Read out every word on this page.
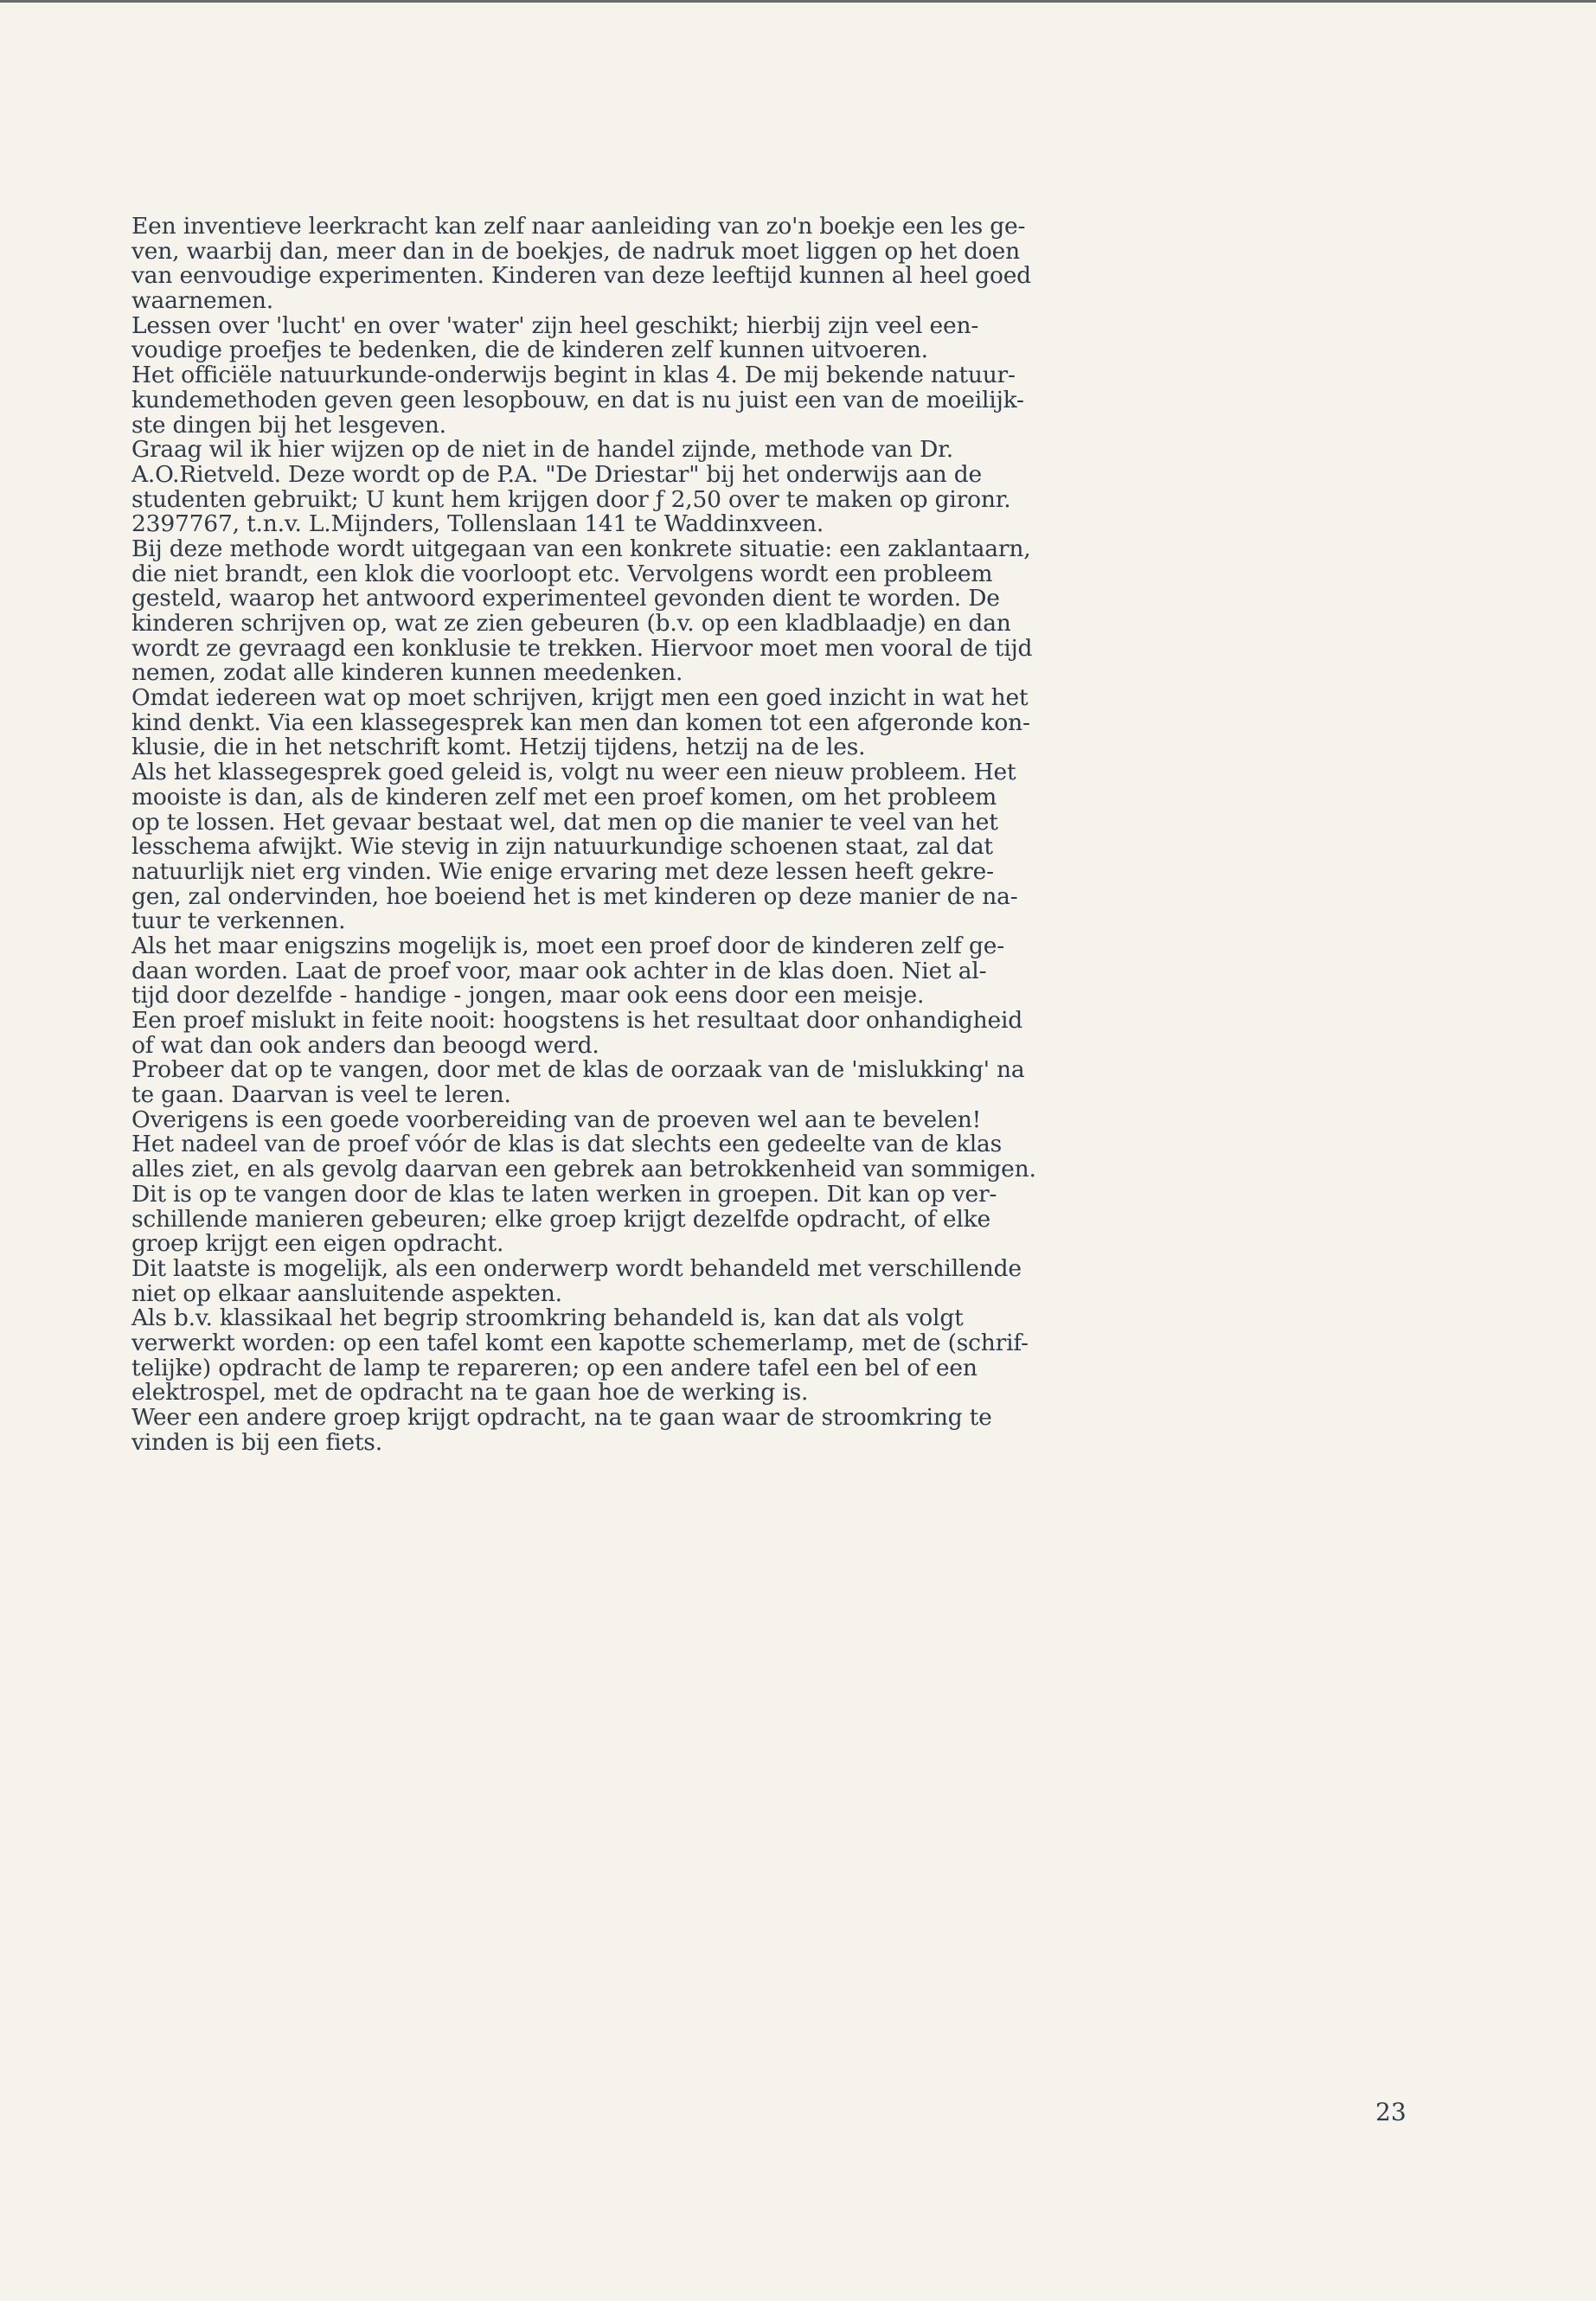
Een inventieve leerkracht kan zelf naar aanleiding van zo'n boekje een les ge-
ven, waarbij dan, meer dan in de boekjes, de nadruk moet liggen op het doen
van eenvoudige experimenten. Kinderen van deze leeftijd kunnen al heel goed
waarnemen.
Lessen over 'lucht' en over 'water' zijn heel geschikt; hierbij zijn veel een-
voudige proefjes te bedenken, die de kinderen zelf kunnen uitvoeren.
Het officiële natuurkunde-onderwijs begint in klas 4. De mij bekende natuur-
kundemethoden geven geen lesopbouw, en dat is nu juist een van de moeilijk-
ste dingen bij het lesgeven.
Graag wil ik hier wijzen op de niet in de handel zijnde, methode van Dr.
A.O.Rietveld. Deze wordt op de P.A. "De Driestar" bij het onderwijs aan de
studenten gebruikt; U kunt hem krijgen door ƒ 2,50 over te maken op gironr.
2397767, t.n.v. L.Mijnders, Tollenslaan 141 te Waddinxveen.
Bij deze methode wordt uitgegaan van een konkrete situatie: een zaklantaarn,
die niet brandt, een klok die voorloopt etc. Vervolgens wordt een probleem
gesteld, waarop het antwoord experimenteel gevonden dient te worden. De
kinderen schrijven op, wat ze zien gebeuren (b.v. op een kladblaadje) en dan
wordt ze gevraagd een konklusie te trekken. Hiervoor moet men vooral de tijd
nemen, zodat alle kinderen kunnen meedenken.
Omdat iedereen wat op moet schrijven, krijgt men een goed inzicht in wat het
kind denkt. Via een klassegesprek kan men dan komen tot een afgeronde kon-
klusie, die in het netschrift komt. Hetzij tijdens, hetzij na de les.
Als het klassegesprek goed geleid is, volgt nu weer een nieuw probleem. Het
mooiste is dan, als de kinderen zelf met een proef komen, om het probleem
op te lossen. Het gevaar bestaat wel, dat men op die manier te veel van het
lesschema afwijkt. Wie stevig in zijn natuurkundige schoenen staat, zal dat
natuurlijk niet erg vinden. Wie enige ervaring met deze lessen heeft gekre-
gen, zal ondervinden, hoe boeiend het is met kinderen op deze manier de na-
tuur te verkennen.
Als het maar enigszins mogelijk is, moet een proef door de kinderen zelf ge-
daan worden. Laat de proef voor, maar ook achter in de klas doen. Niet al-
tijd door dezelfde - handige - jongen, maar ook eens door een meisje.
Een proef mislukt in feite nooit: hoogstens is het resultaat door onhandigheid
of wat dan ook anders dan beoogd werd.
Probeer dat op te vangen, door met de klas de oorzaak van de 'mislukking' na
te gaan. Daarvan is veel te leren.
Overigens is een goede voorbereiding van de proeven wel aan te bevelen!
Het nadeel van de proef vóór de klas is dat slechts een gedeelte van de klas
alles ziet, en als gevolg daarvan een gebrek aan betrokkenheid van sommigen.
Dit is op te vangen door de klas te laten werken in groepen. Dit kan op ver-
schillende manieren gebeuren; elke groep krijgt dezelfde opdracht, of elke
groep krijgt een eigen opdracht.
Dit laatste is mogelijk, als een onderwerp wordt behandeld met verschillende
niet op elkaar aansluitende aspekten.
Als b.v. klassikaal het begrip stroomkring behandeld is, kan dat als volgt
verwerkt worden: op een tafel komt een kapotte schemerlamp, met de (schrif-
telijke) opdracht de lamp te repareren; op een andere tafel een bel of een
elektrospel, met de opdracht na te gaan hoe de werking is.
Weer een andere groep krijgt opdracht, na te gaan waar de stroomkring te
vinden is bij een fiets.
23
